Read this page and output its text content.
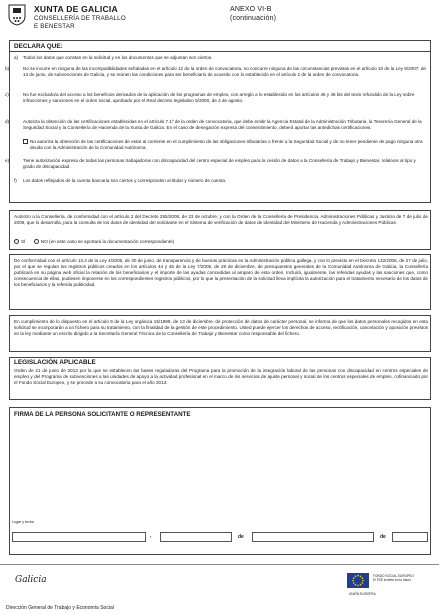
XUNTA DE GALICIA
CONSELLERÍA DE TRABALLO
E BENESTAR
ANEXO VI-B
(continuación)
DECLARA QUE:
a) Todos los datos que constan en la solicitud y en los documentos que se adjuntan son ciertos.
b)	No se incurre en ninguna de las incompatibilidades señaladas en el artículo 12 de la orden de convocatoria, no concurre ninguna de las circunstancias previstas en el artículo 10 de la Ley 9/2007, de 13 de junio, de subvenciones de Galicia, y se reúnen las condiciones para ser beneficiario de acuerdo con lo establecido en el artículo 2 de la orden de convocatoria.
c)	No fue excluido/a del acceso a los beneficios derivados de la aplicación de los programas de empleo, con arreglo a lo establecido en los artículos 46 y 46 bis del texto refundido de la Ley sobre infracciones y sanciones en el orden social, aprobado por el Real decreto legislativo 5/2000, de 4 de agosto.
d)	Autoriza la obtención de las certificaciones establecidas en el artículo 7.1º de la orden de convocatoria, que debe emitir la Agencia Estatal de la Administración Tributaria, la Tesorería General de la Seguridad Social y la Consellería de Hacienda de la Xunta de Galicia. En el caso de denegación expresa del consentimiento, deberá aportar las antedichas certificaciones.
No autoriza la obtención de las certificaciones de estar al corriente en el cumplimiento de las obligaciones tributarias o frente a la Seguridad Social y de no tener pendiente de pago ninguna otra deuda con la Administración de la Comunidad Autónoma.
e)	Tiene autorización expresa de todas las personas trabajadoras con discapacidad del centro especial de empleo para la cesión de datos a la Consellería de Trabajo y Bienestar, relativos al tipo y grado de discapacidad.
f) Los datos reflejados de la cuenta bancaria son ciertos y corresponden al titular y número de cuenta.
Autorizo a la Consellería, de conformidad con el artículo 2 del Decreto 255/2008, de 23 de octubre, y con la Orden de la Consellería de Presidencia, Administraciones Públicas y Justicia de 7 de julio de 2009, que lo desarrolla, para la consulta de los datos de identidad del solicitante en el Sistema de verificación de datos de identidad del Ministerio de Hacienda y Administraciones Públicas.
SÍ	NO (en este caso se aportará la documentación correspondiente)
De conformidad con el artículo 13.4 de la Ley 4/2006, de 30 de junio, de transparencia y de buenas prácticas en la Administración pública gallega, y con lo previsto en el Decreto 132/2006, de 27 de julio, por el que se regulan los registros públicos creados en los artículos 44 y 45 de la Ley 7/2005, de 29 de diciembre, de presupuestos generales de la Comunidad Autónoma de Galicia, la Consellería publicará en su página web oficial la relación de los beneficiarios y el importe de las ayudas concedidas al amparo de esta orden. Incluirá, igualmente, las referidas ayudas y las sanciones que, como consecuencia de ellas, pudiesen imponerse en los correspondientes registros públicos, por lo que la presentación de la solicitud lleva implícita la autorización para el tratamiento necesario de los datos de los beneficiarios y la referida publicidad.
En cumplimiento de lo dispuesto en el artículo 5 de la Ley orgánica 15/1999, de 13 de diciembre, de protección de datos de carácter personal, se informa de que los datos personales recogidos en esta solicitud se incorporarán a un fichero para su tratamiento, con la finalidad de la gestión de este procedimiento. Usted puede ejercer los derechos de acceso, rectificación, cancelación y oposición previstos en la ley mediante un escrito dirigido a la Secretaría General Técnica de la Consellería de Trabajo y Bienestar como responsable del fichero.
LEGISLACIÓN APLICABLE
Orden de 21 de junio de 2013 por la que se establecen las bases reguladoras del Programa para la promoción de la integración laboral de las personas con discapacidad en centros especiales de empleo y del Programa de subvenciones a las unidades de apoyo a la actividad profesional en el marco de los servicios de ajuste personal y social de los centros especiales de empleo, cofinanciado por el Fondo Social Europeo, y se procede a su convocatoria para el año 2013.
FIRMA DE LA PERSONA SOLICITANTE O REPRESENTANTE
Lugar y fecha
,	de	de
Galicia	FONDO SOCIAL EUROPEO
El FSE invierte en tu futuro
UNIÓN EUROPEA
Dirección General de Trabajo y Economía Social
